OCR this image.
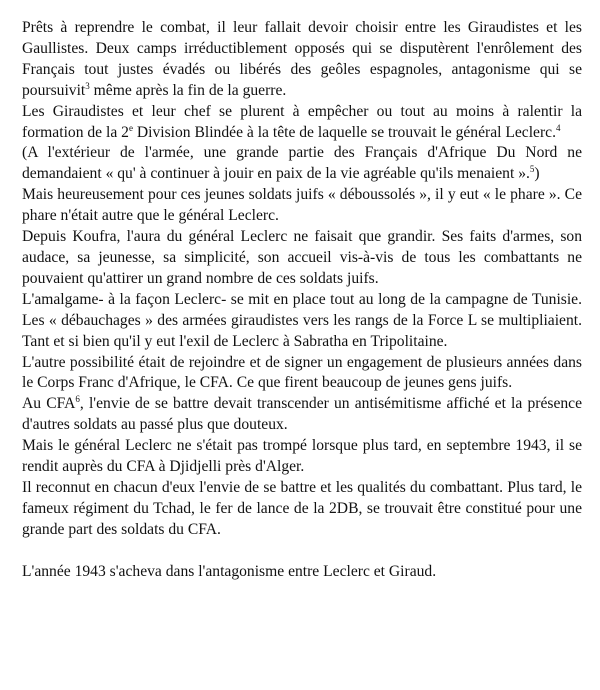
Prêts à reprendre le combat, il leur fallait devoir choisir entre les Giraudistes et les Gaullistes. Deux camps irréductiblement opposés qui se disputèrent l'enrôlement des Français tout justes évadés ou libérés des geôles espagnoles, antagonisme qui se poursuivit$^3$ même après la fin de la guerre.

Les Giraudistes et leur chef se plurent à empêcher ou tout au moins à ralentir la formation de la 2e Division Blindée à la tête de laquelle se trouvait le général Leclerc.$^4$

(A l'extérieur de l'armée, une grande partie des Français d'Afrique Du Nord ne demandaient « qu' à continuer à jouir en paix de la vie agréable qu'ils menaient ».$^5$)

Mais heureusement pour ces jeunes soldats juifs « déboussolés », il y eut « le phare ». Ce phare n'était autre que le général Leclerc.

Depuis Koufra, l'aura du général Leclerc ne faisait que grandir. Ses faits d'armes, son audace, sa jeunesse, sa simplicité, son accueil vis-à-vis de tous les combattants ne pouvaient qu'attirer un grand nombre de ces soldats juifs.

L'amalgame- à la façon Leclerc- se mit en place tout au long de la campagne de Tunisie. Les « débauchages » des armées giraudistes vers les rangs de la Force L se multipliaient. Tant et si bien qu'il y eut l'exil de Leclerc à Sabratha en Tripolitaine.

L'autre possibilité était de rejoindre et de signer un engagement de plusieurs années dans le Corps Franc d'Afrique, le CFA. Ce que firent beaucoup de jeunes gens juifs.

Au CFA$^6$, l'envie de se battre devait transcender un antisémitisme affiché et la présence d'autres soldats au passé plus que douteux.

Mais le général Leclerc ne s'était pas trompé lorsque plus tard, en septembre 1943, il se rendit auprès du CFA à Djidjelli près d'Alger.

Il reconnut en chacun d'eux l'envie de se battre et les qualités du combattant. Plus tard, le fameux régiment du Tchad, le fer de lance de la 2DB, se trouvait être constitué pour une grande part des soldats du CFA.

L'année 1943 s'acheva dans l'antagonisme entre Leclerc et Giraud.
